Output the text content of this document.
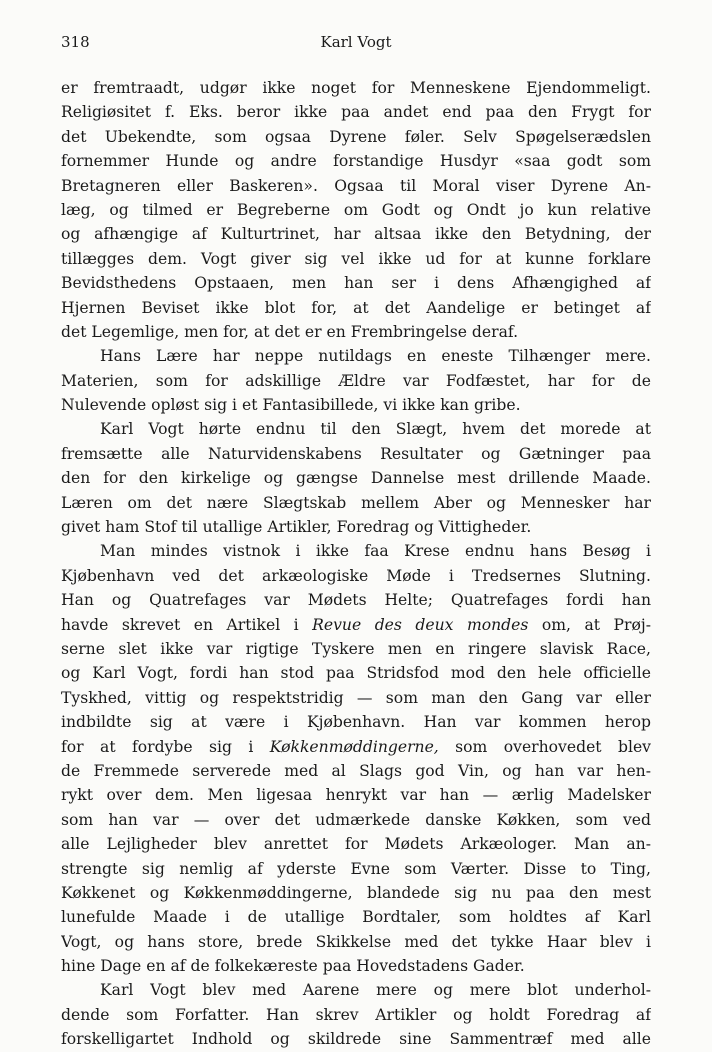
318	Karl Vogt
er fremtraadt, udgør ikke noget for Menneskene Ejendommeligt.
Religiøsitet f. Eks. beror ikke paa andet end paa den Frygt for
det Ubekendte, som ogsaa Dyrene føler. Selv Spøgelserædslen
fornemmer Hunde og andre forstandige Husdyr «saa godt som
Bretagneren eller Baskeren». Ogsaa til Moral viser Dyrene An-
læg, og tilmed er Begreberne om Godt og Ondt jo kun relative
og afhængige af Kulturtrinet, har altsaa ikke den Betydning, der
tillægges dem. Vogt giver sig vel ikke ud for at kunne forklare
Bevidsthedens Opstaaen, men han ser i dens Afhængighed af
Hjernen Beviset ikke blot for, at det Aandelige er betinget af
det Legemlige, men for, at det er en Frembringelse deraf.
Hans Lære har neppe nutildags en eneste Tilhænger mere.
Materien, som for adskillige Ældre var Fodfæstet, har for de
Nulevende opløst sig i et Fantasibillede, vi ikke kan gribe.
Karl Vogt hørte endnu til den Slægt, hvem det morede at
fremsætte alle Naturvidenskabens Resultater og Gætninger paa
den for den kirkelige og gængse Dannelse mest drillende Maade.
Læren om det nære Slægtskab mellem Aber og Mennesker har
givet ham Stof til utallige Artikler, Foredrag og Vittigheder.
Man mindes vistnok i ikke faa Krese endnu hans Besøg i
Kjøbenhavn ved det arkæologiske Møde i Tredsernes Slutning.
Han og Quatrefages var Mødets Helte; Quatrefages fordi han
havde skrevet en Artikel i Revue des deux mondes om, at Prøj-
serne slet ikke var rigtige Tyskere men en ringere slavisk Race,
og Karl Vogt, fordi han stod paa Stridsfod mod den hele officielle
Tyskhed, vittig og respektstridig — som man den Gang var eller
indbildte sig at være i Kjøbenhavn. Han var kommen herop
for at fordybe sig i Køkkenmøddingerne, som overhovedet blev
de Fremmede serverede med al Slags god Vin, og han var hen-
rykt over dem. Men ligesaa henrykt var han — ærlig Madelsker
som han var — over det udmærkede danske Køkken, som ved
alle Lejligheder blev anrettet for Mødets Arkæologer. Man an-
strengte sig nemlig af yderste Evne som Værter. Disse to Ting,
Køkkenet og Køkkenmøddingerne, blandede sig nu paa den mest
lunefulde Maade i de utallige Bordtaler, som holdtes af Karl
Vogt, og hans store, brede Skikkelse med det tykke Haar blev i
hine Dage en af de folkekæreste paa Hovedstadens Gader.
Karl Vogt blev med Aarene mere og mere blot underhol-
dende som Forfatter. Han skrev Artikler og holdt Foredrag af
forskelligartet Indhold og skildrede sine Sammentræf med alle
